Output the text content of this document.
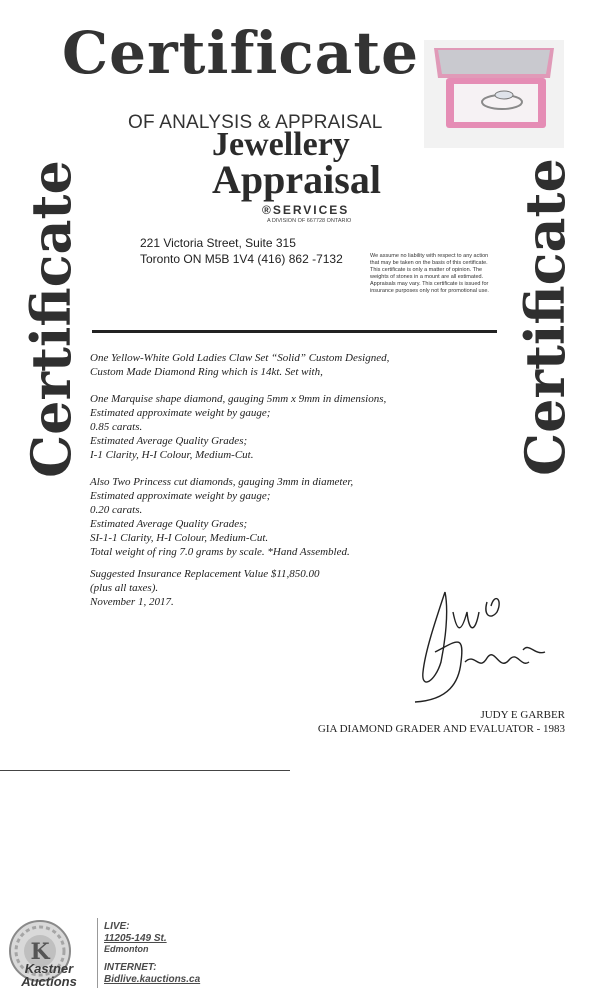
Certificate
OF ANALYSIS & APPRAISAL
Jewellery
Appraisal
®SERVICES
A DIVISION OF 667728 ONTARIO
Certificate	Certificate
221 Victoria Street, Suite 315
Toronto ON M5B 1V4 (416) 862 -7132	We assume no liability with respect to any action that may be taken on the basis of this certificate. This certificate is only a matter of opinion. The weights of stones in a mount are all estimated. Appraisals may vary. This certificate is issued for insurance purposes only not for promotional use.

One Yellow-White Gold Ladies Claw Set “Solid” Custom Designed,

Custom Made Diamond Ring which is 14kt. Set with,

One Marquise shape diamond, gauging 5mm x 9mm in dimensions,

Estimated approximate weight by gauge;

0.85 carats.

Estimated Average Quality Grades;

I-1 Clarity, H-I Colour, Medium-Cut.

Also Two Princess cut diamonds, gauging 3mm in diameter,

Estimated approximate weight by gauge;

0.20 carats.

Estimated Average Quality Grades;

SI-1-1 Clarity, H-I Colour, Medium-Cut.

Total weight of ring 7.0 grams by scale. *Hand Assembled.

Suggested Insurance Replacement Value $11,850.00

(plus all taxes).

November 1, 2017.

JUDY E GARBER
GIA DIAMOND GRADER AND EVALUATOR - 1983
K
Kastner
Auctions
LIVE:
11205-149 St.
Edmonton
INTERNET:
Bidlive.kauctions.ca
